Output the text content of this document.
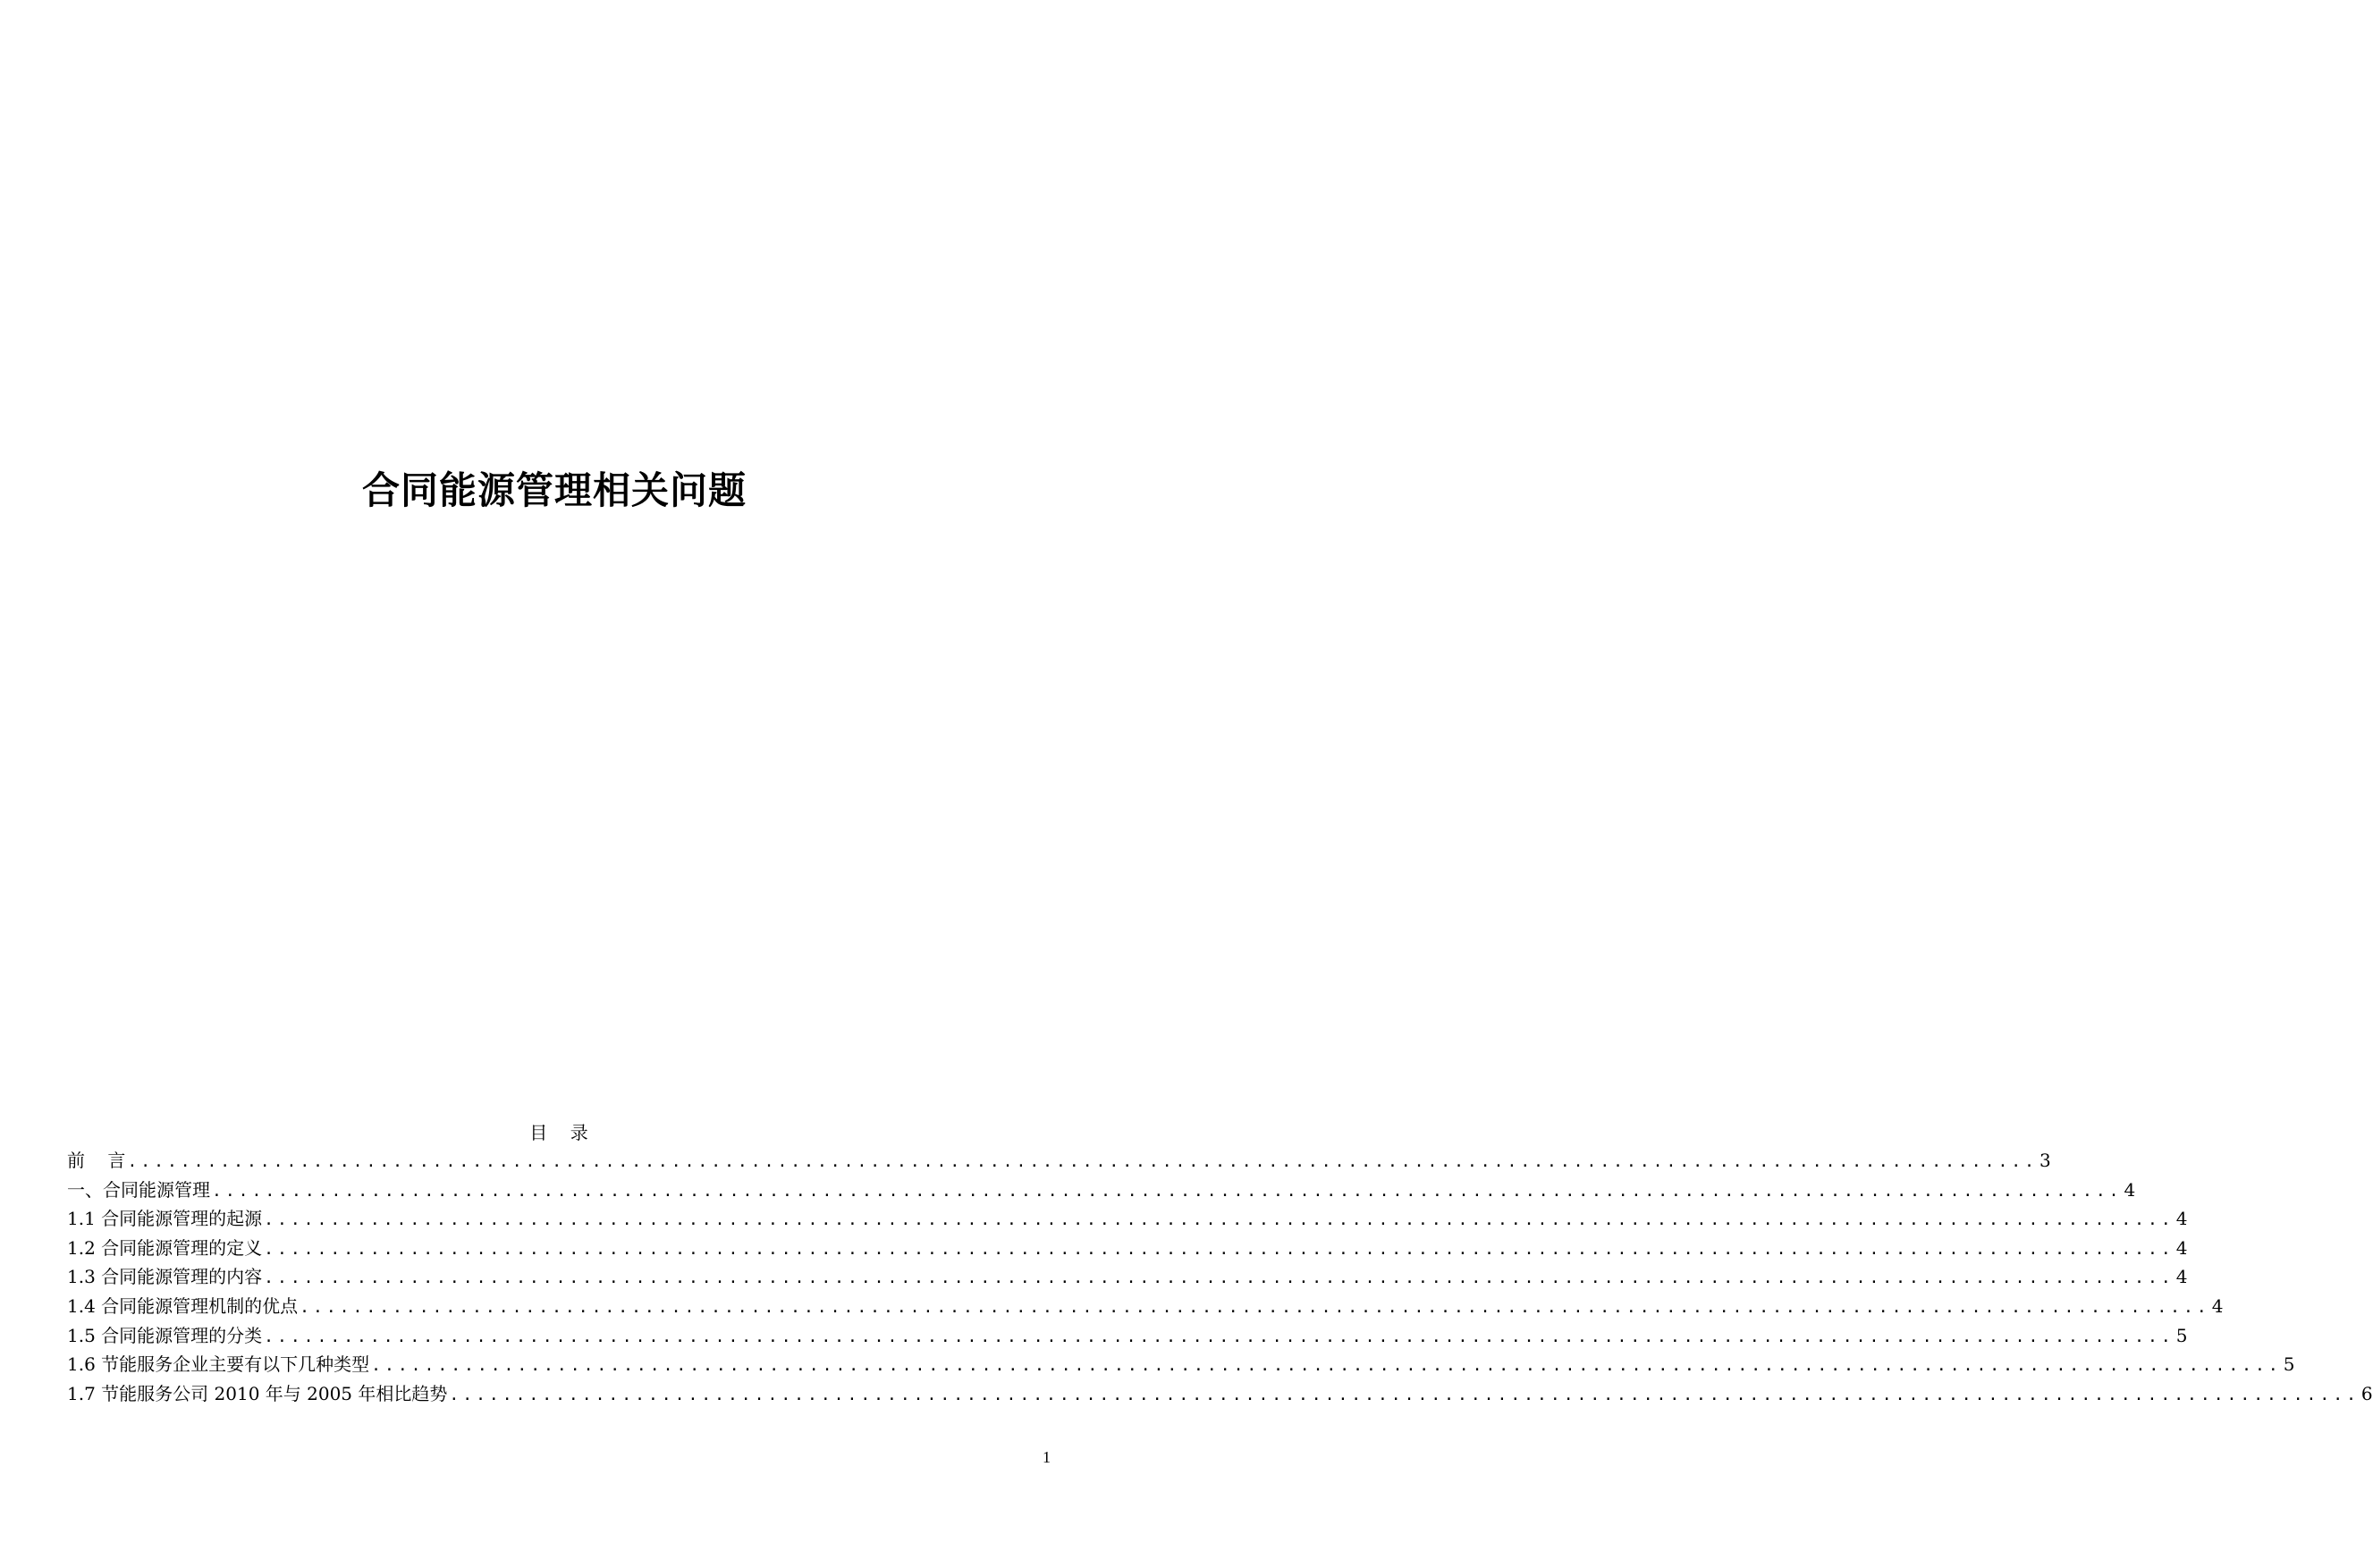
合同能源管理相关问题
目    录
前    言 ................................................................................................................................................ 3
一、合同能源管理 ................................................................................................................................................ 4
1.1 合同能源管理的起源 ................................................................................................................................................ 4
1.2 合同能源管理的定义 ................................................................................................................................................ 4
1.3 合同能源管理的内容 ................................................................................................................................................ 4
1.4 合同能源管理机制的优点 ................................................................................................................................................ 4
1.5 合同能源管理的分类 ................................................................................................................................................ 5
1.6 节能服务企业主要有以下几种类型 ................................................................................................................................................ 5
1.7 节能服务公司 2010 年与 2005 年相比趋势 ................................................................................................................................................ 6
1
